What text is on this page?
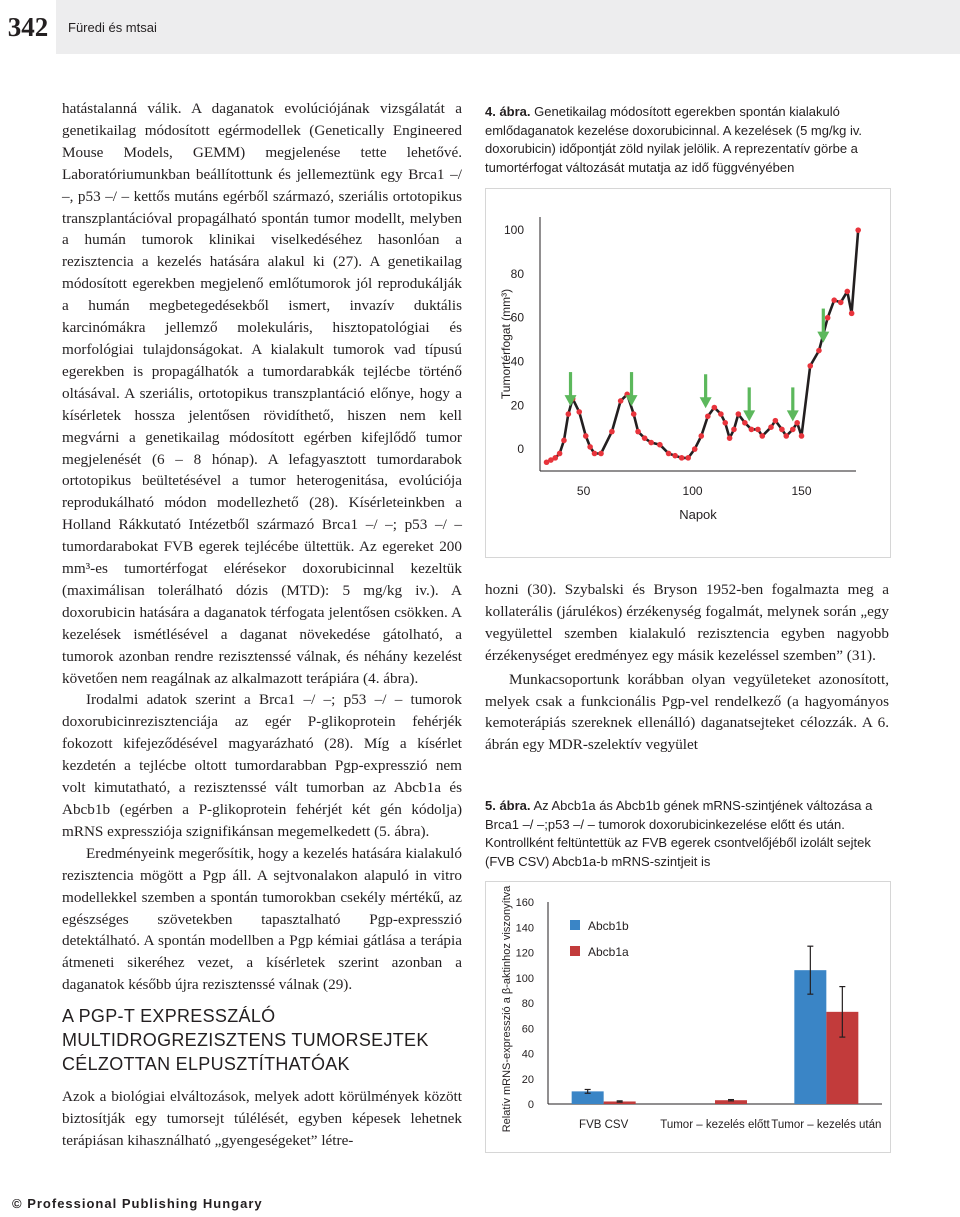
342	Füredi és mtsai

hatástalanná válik. A daganatok evolúciójának vizsgálatát a genetikailag módosított egérmodellek (Genetically Engineered Mouse Models, GEMM) megjelenése tette lehetővé. Laboratóriumunkban beállítottunk és jellemeztünk egy Brca1 –/ –, p53 –/ – kettős mutáns egérből származó, szeriális ortotopikus transzplantációval propagálható spontán tumor modellt, melyben a humán tumorok klinikai viselkedéséhez hasonlóan a rezisztencia a kezelés hatására alakul ki (27). A genetikailag módosított egerekben megjelenő emlőtumorok jól reprodukálják a humán megbetegedésekből ismert, invazív duktális karcinómákra jellemző molekuláris, hisztopatológiai és morfológiai tulajdonságokat. A kialakult tumorok vad típusú egerekben is propagálhatók a tumordarabkák tejlécbe történő oltásával. A szeriális, ortotopikus transzplantáció előnye, hogy a kísérletek hossza jelentősen rövidíthető, hiszen nem kell megvárni a genetikailag módosított egérben kifejlődő tumor megjelenését (6 – 8 hónap). A lefagyasztott tumordarabok ortotopikus beültetésével a tumor heterogenitása, evolúciója reprodukálható módon modellezhető (28). Kísérleteinkben a Holland Rákkutató Intézetből származó Brca1 –/ –; p53 –/ – tumordarabokat FVB egerek tejlécébe ültettük. Az egereket 200 mm³-es tumortérfogat elérésekor doxorubicinnal kezeltük (maximálisan tolerálható dózis (MTD): 5 mg/kg iv.). A doxorubicin hatására a daganatok térfogata jelentősen csökken. A kezelések ismétlésével a daganat növekedése gátolható, a tumorok azonban rendre rezisztenssé válnak, és néhány kezelést követően nem reagálnak az alkalmazott terápiára (4. ábra).

Irodalmi adatok szerint a Brca1 –/ –; p53 –/ – tumorok doxorubicinrezisztenciája az egér P-glikoprotein fehérjék fokozott kifejeződésével magyarázható (28). Míg a kísérlet kezdetén a tejlécbe oltott tumordarabban Pgp-expresszió nem volt kimutatható, a rezisztenssé vált tumorban az Abcb1a és Abcb1b (egérben a P-glikoprotein fehérjét két gén kódolja) mRNS expressziója szignifikánsan megemelkedett (5. ábra).

Eredményeink megerősítik, hogy a kezelés hatására kialakuló rezisztencia mögött a Pgp áll. A sejtvonalakon alapuló in vitro modellekkel szemben a spontán tumorokban csekély mértékű, az egészséges szövetekben tapasztalható Pgp-expresszió detektálható. A spontán modellben a Pgp kémiai gátlása a terápia átmeneti sikeréhez vezet, a kísérletek szerint azonban a daganatok később újra rezisztenssé válnak (29).

A PGP-T EXPRESSZÁLÓ MULTIDROGREZISZTENS TUMORSEJTEK CÉLZOTTAN ELPUSZTÍTHATÓAK
Azok a biológiai elváltozások, melyek adott körülmények között biztosítják egy tumorsejt túlélését, egyben képesek lehetnek terápiásan kihasználható „gyengeségeket” létre-
4. ábra. Genetikailag módosított egerekben spontán kialakuló emlődaganatok kezelése doxorubicinnal. A kezelések (5 mg/kg iv. doxorubicin) időpontját zöld nyilak jelölik. A reprezentatív görbe a tumortérfogat változását mutatja az idő függvényében
0
20
40
60
80
100
50	100	150
Napok
Tumortérfogat (mm³)

hozni (30). Szybalski és Bryson 1952-ben fogalmazta meg a kollaterális (járulékos) érzékenység fogalmát, melynek során „egy vegyülettel szemben kialakuló rezisztencia egyben nagyobb érzékenységet eredményez egy másik kezeléssel szemben” (31).

Munkacsoportunk korábban olyan vegyületeket azonosított, melyek csak a funkcionális Pgp-vel rendelkező (a hagyományos kemoterápiás szereknek ellenálló) daganatsejteket célozzák. A 6. ábrán egy MDR-szelektív vegyület

5. ábra. Az Abcb1a ás Abcb1b gének mRNS-szintjének változása a Brca1 –/ –;p53 –/ – tumorok doxorubicinkezelése előtt és után. Kontrollként feltüntettük az FVB egerek csontvelőjéből izolált sejtek (FVB CSV) Abcb1a-b mRNS-szintjeit is
0
20
40
60
80
100
120
140
160
Relatív mRNS-expresszió a β-aktinhoz viszonyítva	FVB CSV	Tumor – kezelés előtt Tumor – kezelés után
Abcb1b
Abcb1a
© Professional Publishing Hungary
